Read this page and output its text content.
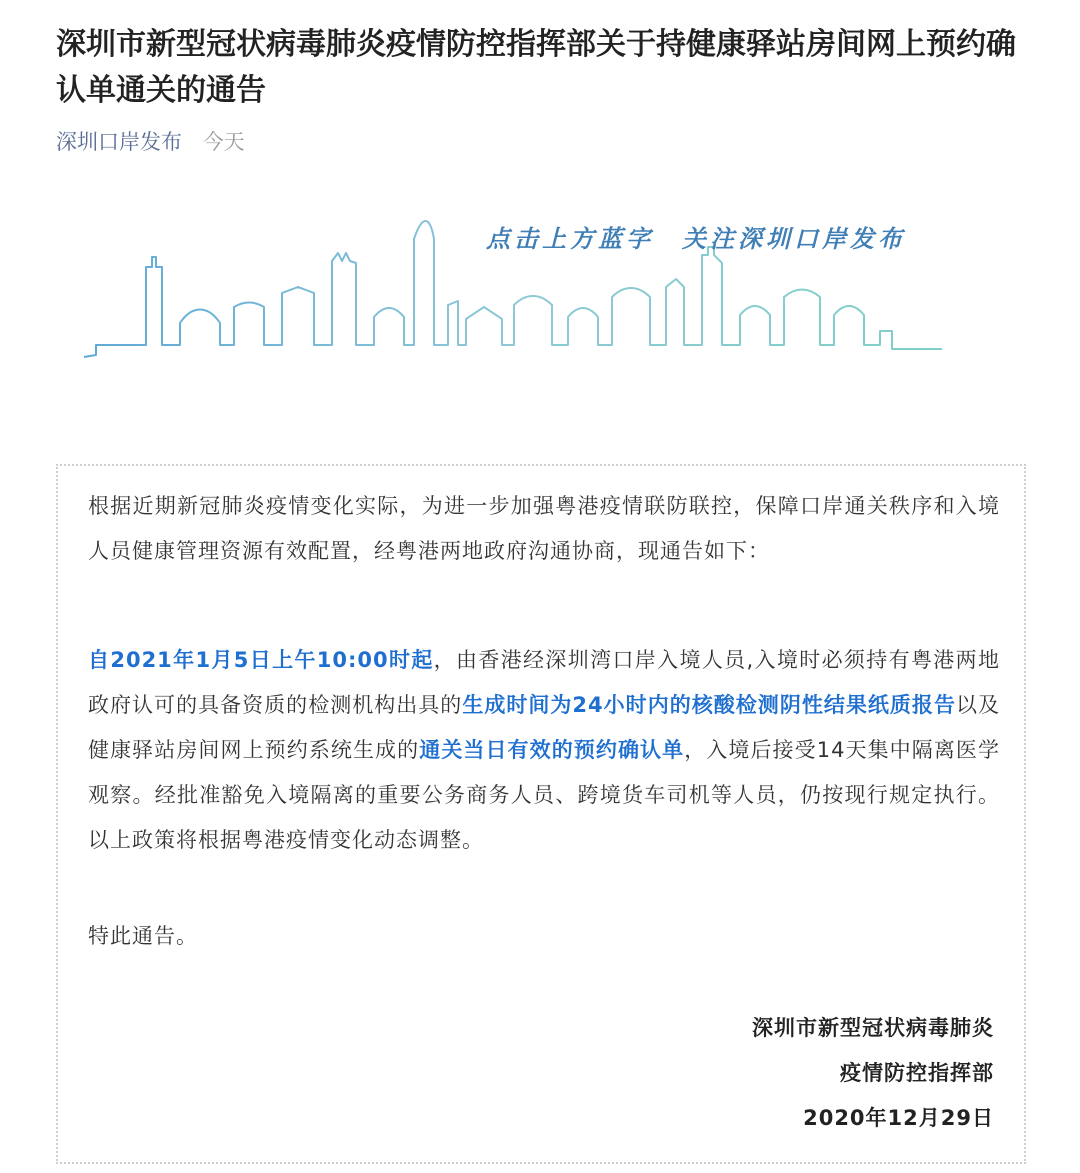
深圳市新型冠状病毒肺炎疫情防控指挥部关于持健康驿站房间网上预约确认单通关的通告
深圳口岸发布 今天
点击上方蓝字　关注深圳口岸发布

根据近期新冠肺炎疫情变化实际，为进一步加强粤港疫情联防联控，保障口岸通关秩序和入境人员健康管理资源有效配置，经粤港两地政府沟通协商，现通告如下：

自2021年1月5日上午10:00时起，由香港经深圳湾口岸入境人员,入境时必须持有粤港两地政府认可的具备资质的检测机构出具的生成时间为24小时内的核酸检测阴性结果纸质报告以及健康驿站房间网上预约系统生成的通关当日有效的预约确认单，入境后接受14天集中隔离医学观察。经批准豁免入境隔离的重要公务商务人员、跨境货车司机等人员，仍按现行规定执行。以上政策将根据粤港疫情变化动态调整。

特此通告。

深圳市新型冠状病毒肺炎
疫情防控指挥部
2020年12月29日
